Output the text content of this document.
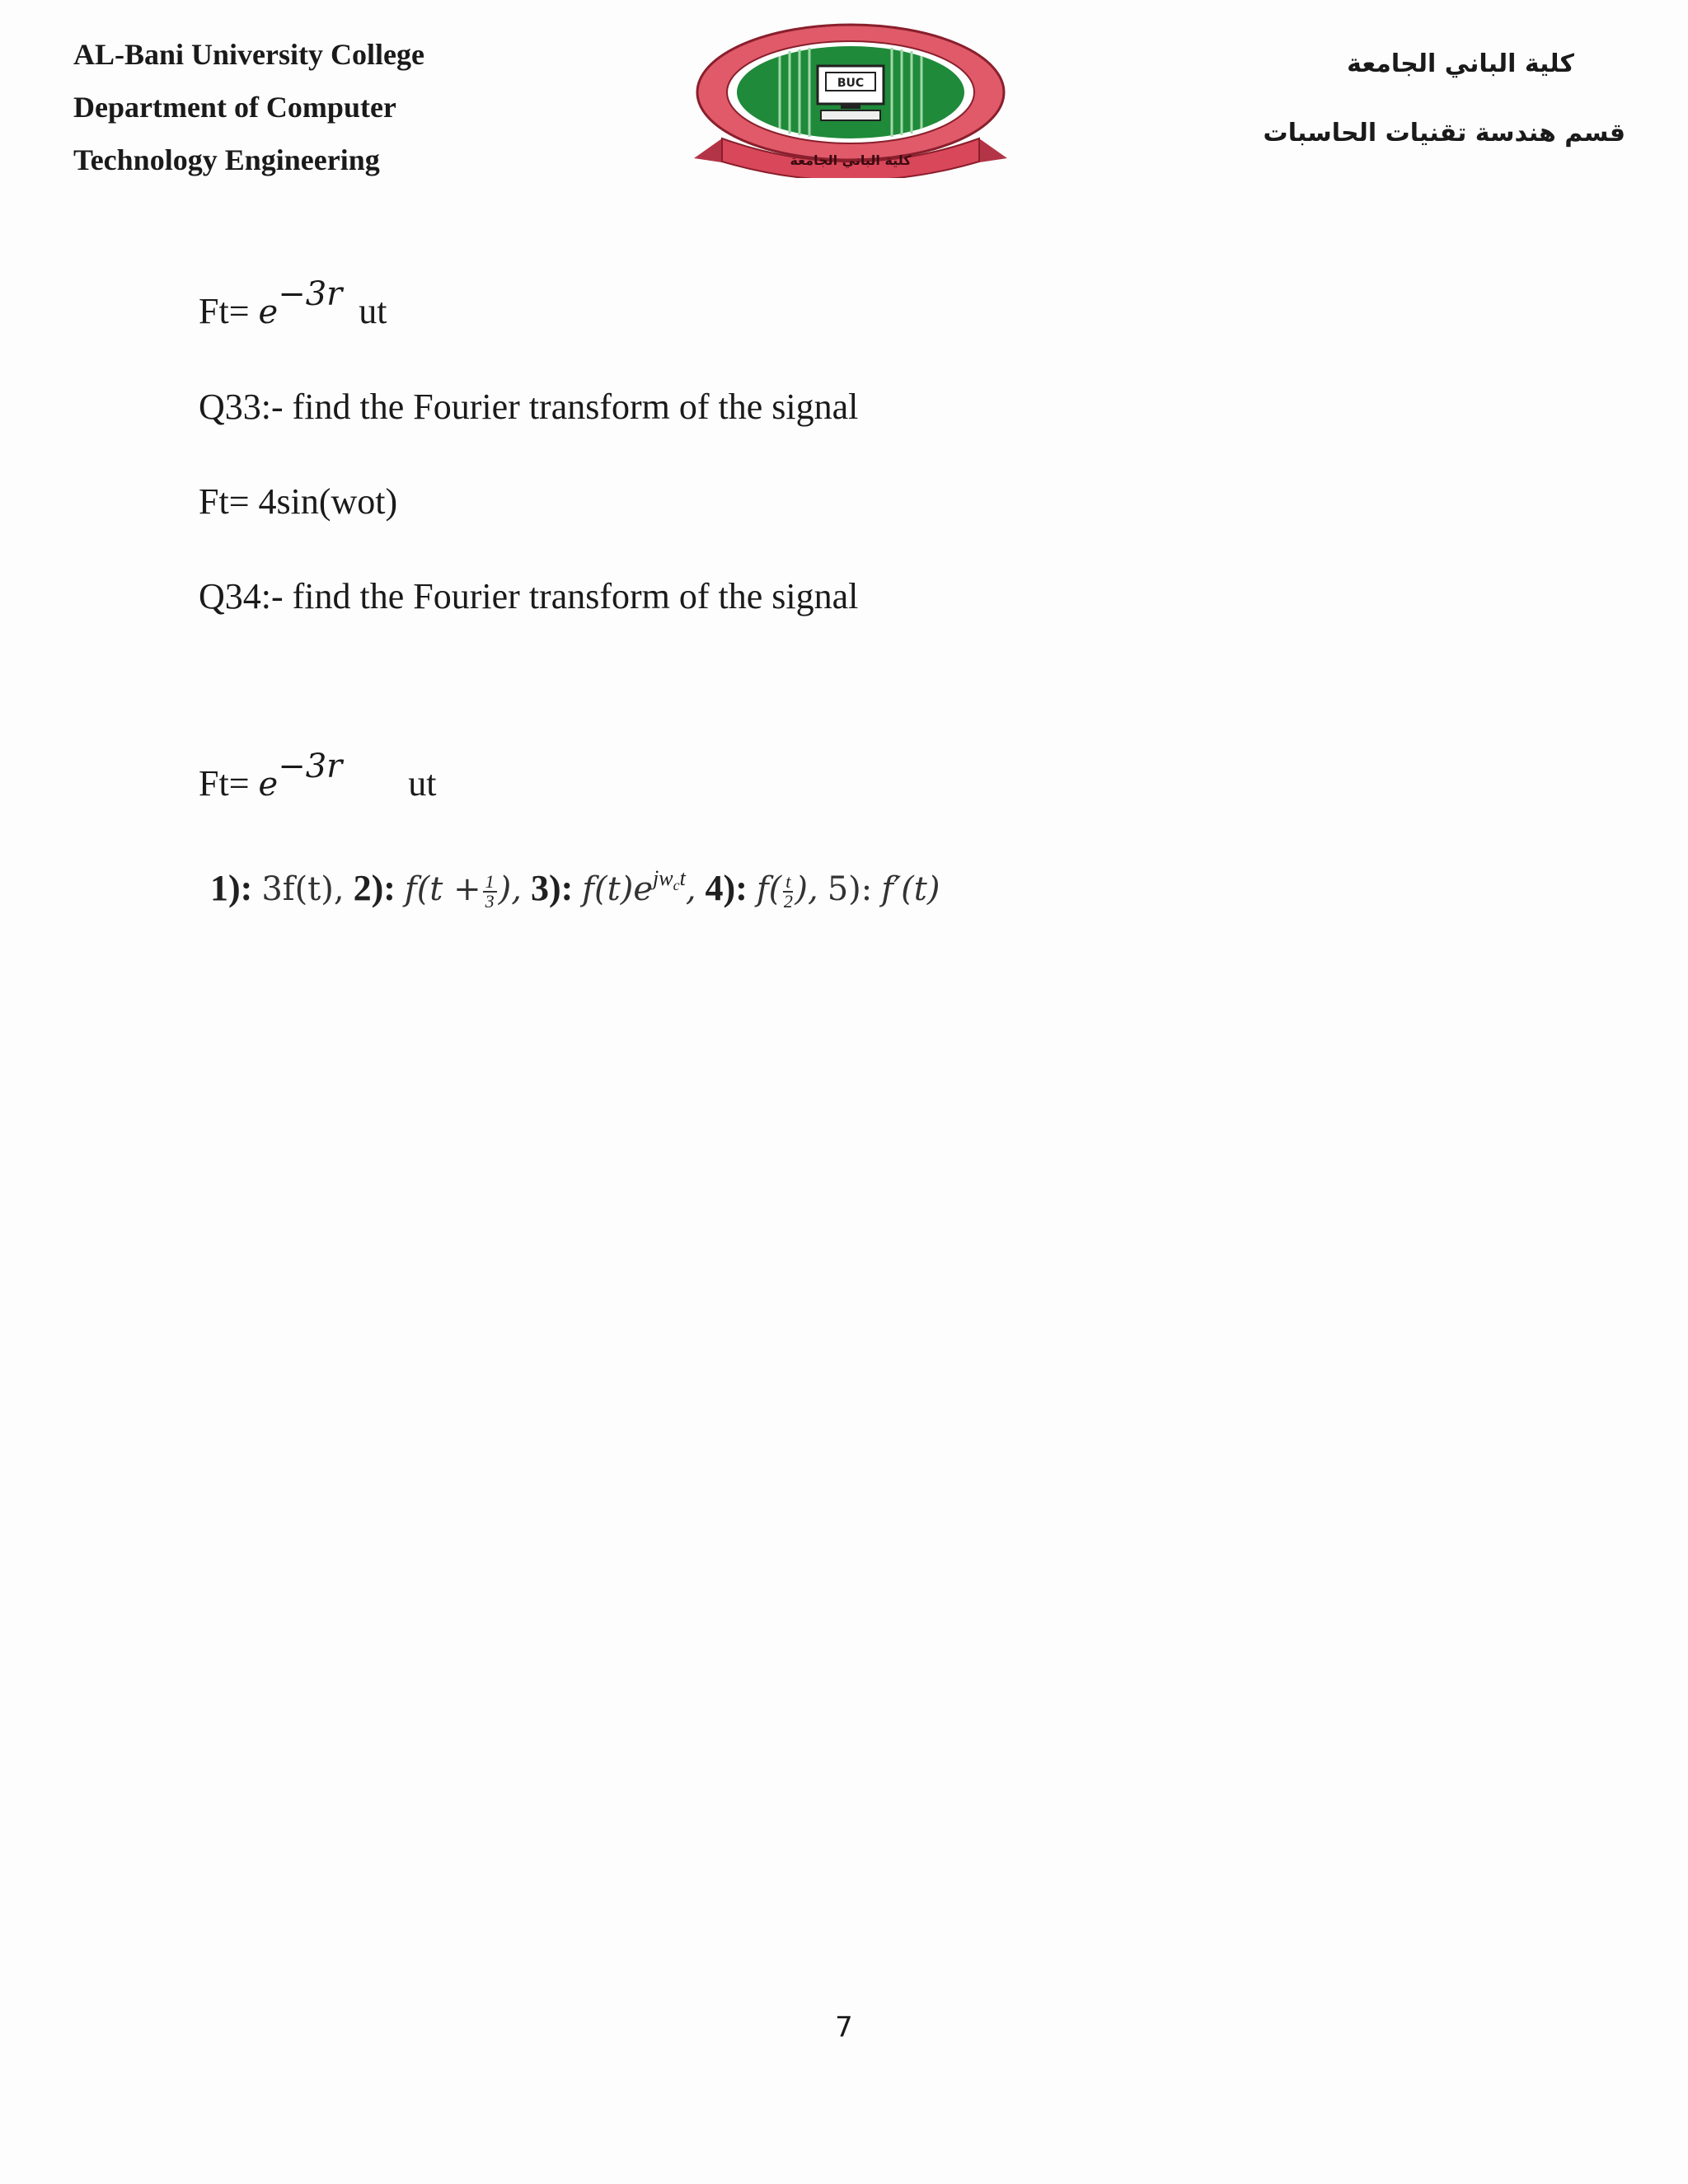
AL-Bani University College
Department of Computer
Technology Engineering
BUC
كلية الباني الجامعة
كلية الباني الجامعة
قسم هندسة تقنيات الحاسبات
$Ft= e^{-3r}$ ut
Q33:- find the Fourier transform of the signal
Ft= 4sin(wot)
Q34:- find the Fourier transform of the signal
$Ft= e^{-3r}$ ut
1): 3f(t), 2): $f(t + \frac{1}{3}$ ), 3): $f(t)e^{jwct}$, 4): $f( \frac{t}{2}$ ), 5): f′(t)
7
